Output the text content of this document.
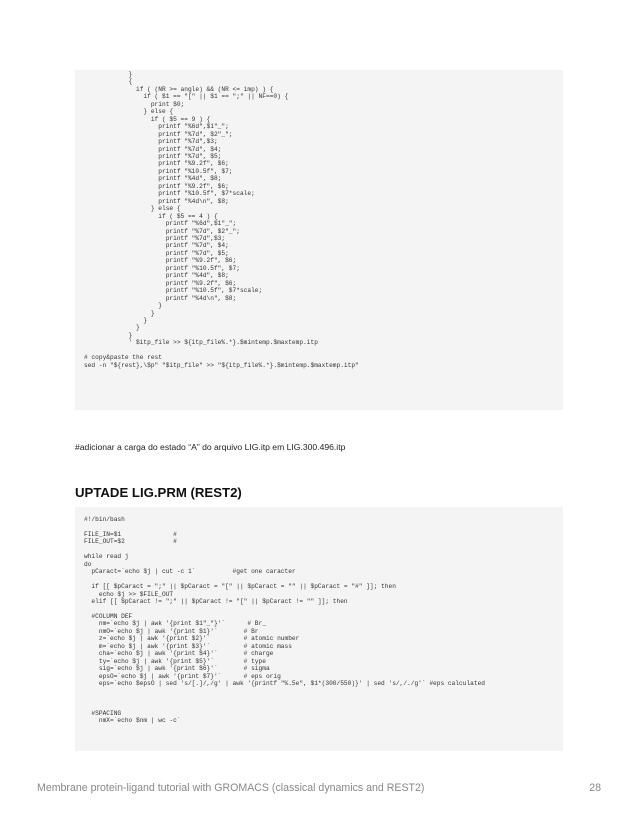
}
{
if ( (NR >= angle) && (NR <= imp) ) {
if ( $1 == "[" || $1 == ";" || NF==0) {
print $0;
} else {
if ( $5 == 9 ) {
printf "%6d",$1"_";
printf "%7d", $2"_";
printf "%7d",$3;
printf "%7d", $4;
printf "%7d", $5;
printf "%9.2f", $6;
printf "%10.5f", $7;
printf "%4d", $8;
printf "%9.2f", $6;
printf "%10.5f", $7*scale;
printf "%4d\n", $8;
} else {
if ( $5 == 4 ) {
printf "%6d",$1"_";
printf "%7d", $2"_";
printf "%7d",$3;
printf "%7d", $4;
printf "%7d", $5;
printf "%9.2f", $6;
printf "%10.5f", $7;
printf "%4d", $8;
printf "%9.2f", $6;
printf "%10.5f", $7*scale;
printf "%4d\n", $8;
}
}
}
}
}
' $itp_file >> ${itp_file%.*}.$mintemp.$maxtemp.itp

# copy&paste the rest
sed -n "${rest},\$p" "$itp_file" >> "${itp_file%.*}.$mintemp.$maxtemp.itp"

#adicionar a carga do estado “A” do arquivo LIG.itp em LIG.300.496.itp
UPTADE LIG.PRM (REST2)
#!/bin/bash

FILE_IN=$1              #
FILE_OUT=$2             #

while read j
do
pCaract=`echo $j | cut -c 1`          #get one caracter

if [[ $pCaract = ";" || $pCaract = "[" || $pCaract = "" || $pCaract = "#" ]]; then
echo $j >> $FILE_OUT
elif [[ $pCaract != ";" || $pCaract != "[" || $pCaract != "" ]]; then

#COLUMN DEF
nm=`echo $j | awk '{print $1"_"}'`      # Br_
nmO=`echo $j | awk '{print $1}'`       # Br
z=`echo $j | awk '{print $2}'`         # atomic number
m=`echo $j | awk '{print $3}'`         # atomic mass
cha=`echo $j | awk '{print $4}'`       # charge
ty=`echo $j | awk '{print $5}'`        # type
sig=`echo $j | awk '{print $6}'`       # sigma
epsO=`echo $j | awk '{print $7}'`      # eps orig
eps=`echo $epsO | sed 's/[.]/,/g' | awk '{printf "%.5e", $1*(300/550)}' | sed 's/,/./g'` #eps calculated

#SPACING
nmX=`echo $nm | wc -c`

Membrane protein-ligand tutorial with GROMACS (classical dynamics and REST2)	28
